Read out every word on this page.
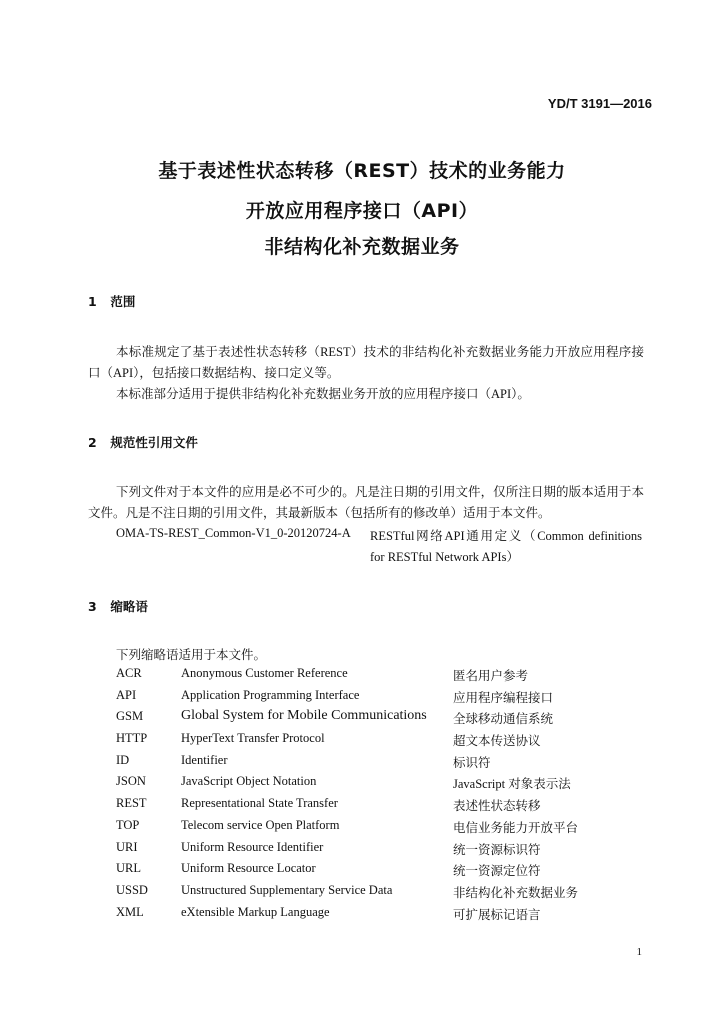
YD/T 3191—2016
基于表述性状态转移（REST）技术的业务能力
开放应用程序接口（API）
非结构化补充数据业务
1 范围
本标准规定了基于表述性状态转移（REST）技术的非结构化补充数据业务能力开放应用程序接口（API），包括接口数据结构、接口定义等。
本标准部分适用于提供非结构化补充数据业务开放的应用程序接口（API）。
2 规范性引用文件
下列文件对于本文件的应用是必不可少的。凡是注日期的引用文件，仅所注日期的版本适用于本文件。凡是不注日期的引用文件，其最新版本（包括所有的修改单）适用于本文件。
OMA-TS-REST_Common-V1_0-20120724-A RESTful网络API通用定义（Common definitions for RESTful Network APIs）
3 缩略语
下列缩略语适用于本文件。
ACR	Anonymous Customer Reference	匿名用户参考
API	Application Programming Interface	应用程序编程接口
GSM	Global System for Mobile Communications 全球移动通信系统
HTTP	HyperText Transfer Protocol	超文本传送协议
ID	Identifier	标识符
JSON	JavaScript Object Notation	JavaScript 对象表示法
REST	Representational State Transfer	表述性状态转移
TOP	Telecom service Open Platform	电信业务能力开放平台
URI	Uniform Resource Identifier	统一资源标识符
URL	Uniform Resource Locator	统一资源定位符
USSD	Unstructured Supplementary Service Data	非结构化补充数据业务
XML	eXtensible Markup Language	可扩展标记语言
1
